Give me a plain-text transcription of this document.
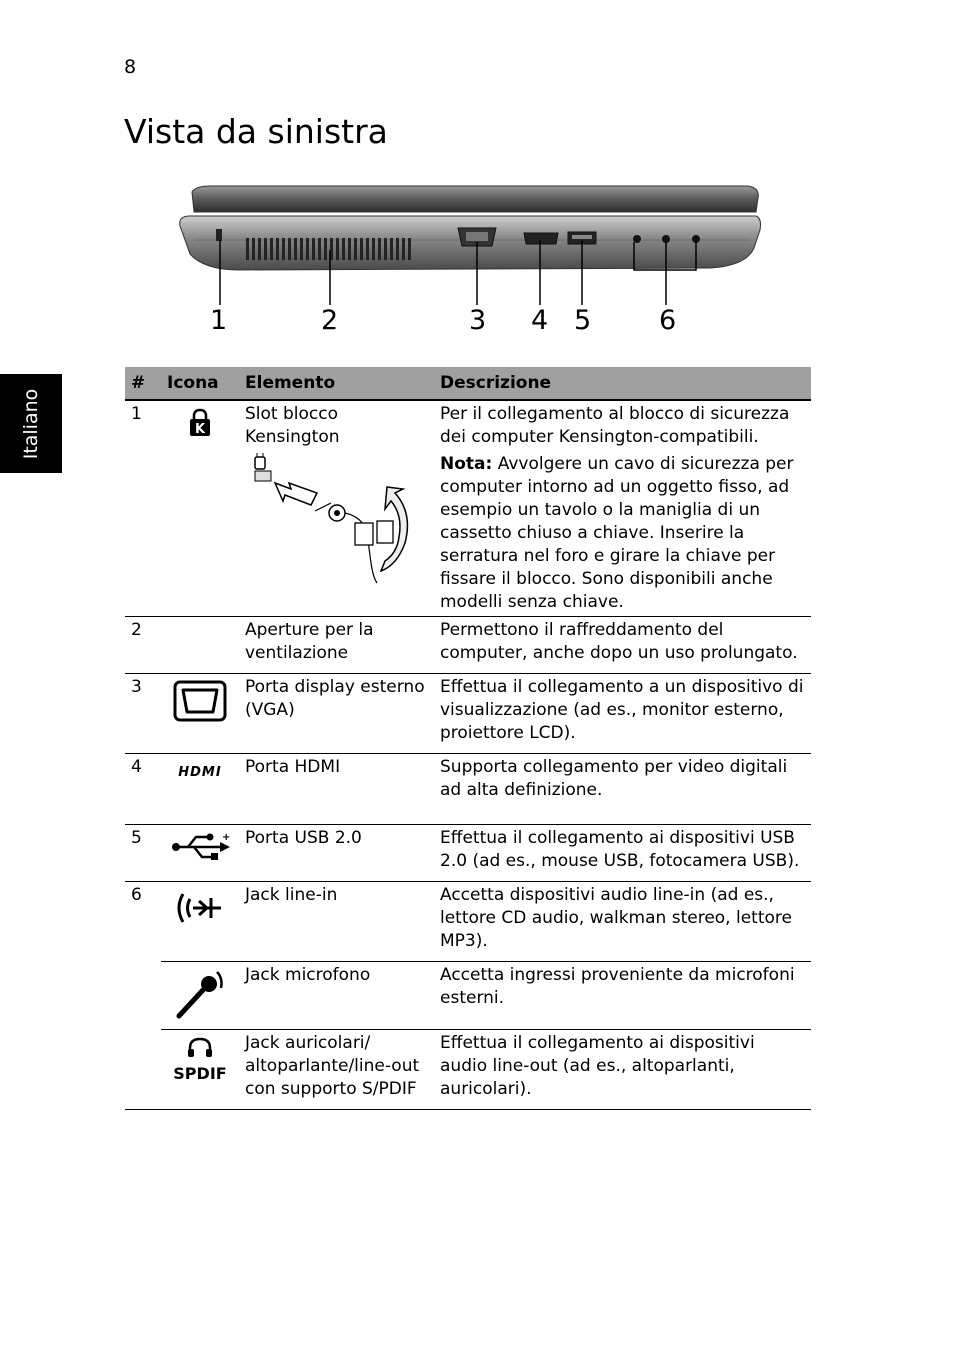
8
Vista da sinistra
Italiano
1	2	3 4 5	6
#	Icona	Elemento	Descrizione
1	K	Slot blocco Kensington	Per il collegamento al blocco di sicurezza dei computer Kensington-compatibili.
Nota: Avvolgere un cavo di sicurezza per computer intorno ad un oggetto fisso, ad esempio un tavolo o la maniglia di un cassetto chiuso a chiave. Inserire la serratura nel foro e girare la chiave per fissare il blocco. Sono disponibili anche modelli senza chiave.

2		Aperture per la ventilazione	Permettono il raffreddamento del computer, anche dopo un uso prolungato.
3		Porta display esterno (VGA)	Effettua il collegamento a un dispositivo di visualizzazione (ad es., monitor esterno, proiettore LCD).
4	HDMI	Porta HDMI	Supporta collegamento per video digitali ad alta definizione.
5	+	Porta USB 2.0	Effettua il collegamento ai dispositivi USB 2.0 (ad es., mouse USB, fotocamera USB).
6		Jack line-in	Accetta dispositivi audio line-in (ad es., lettore CD audio, walkman stereo, lettore MP3).
		Jack microfono	Accetta ingressi proveniente da microfoni esterni.

	SPDIF	Jack auricolari/ altoparlante/line-out con supporto S/PDIF	Effettua il collegamento ai dispositivi audio line-out (ad es., altoparlanti, auricolari).
